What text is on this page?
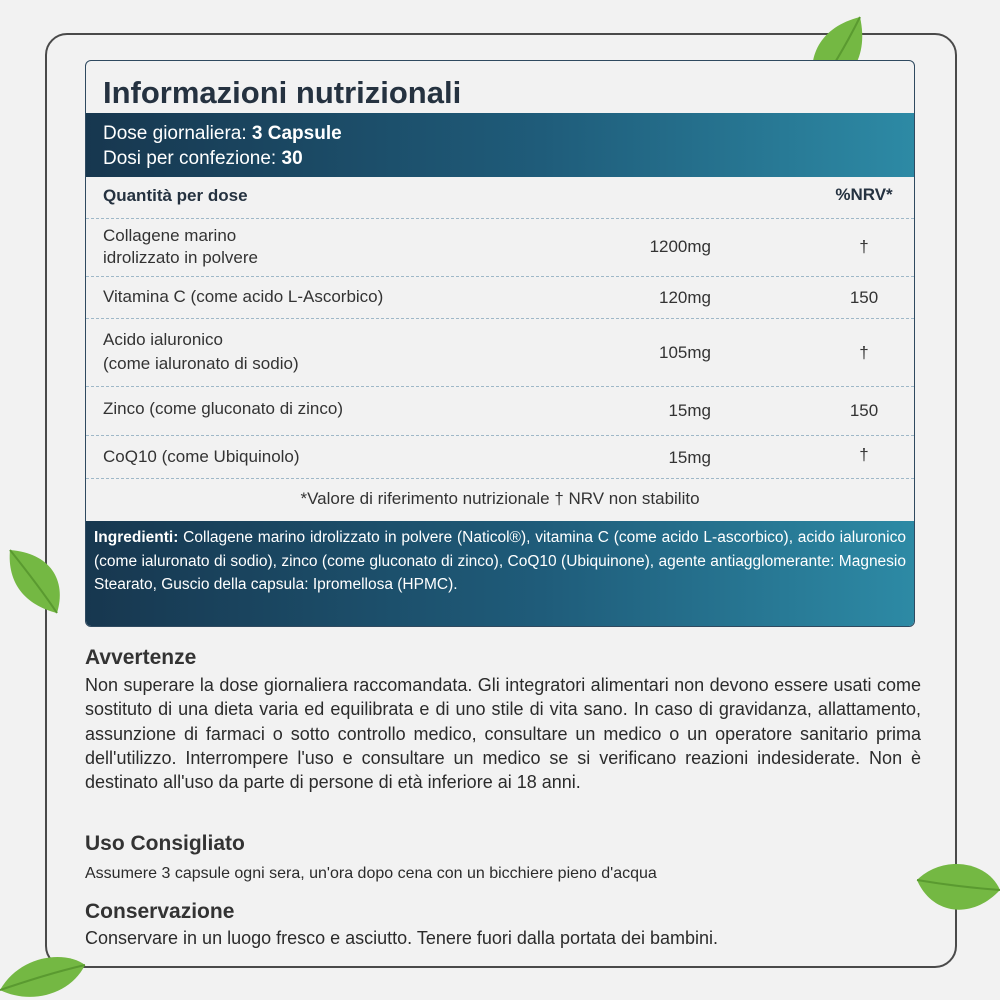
Informazioni nutrizionali
Dose giornaliera: 3 Capsule
Dosi per confezione: 30
Quantità per dose	%NRV*
Collagene marino
idrolizzato in polvere
1200mg	†
Vitamina C (come acido L-Ascorbico)	120mg	150
Acido ialuronico
(come ialuronato di sodio)
105mg	†
Zinco (come gluconato di zinco)	15mg	150
CoQ10 (come Ubiquinolo)	15mg	†
*Valore di riferimento nutrizionale † NRV non stabilito
Ingredienti: Collagene marino idrolizzato in polvere (Naticol®), vitamina C (come acido L-ascorbico), acido ialuronico (come ialuronato di sodio), zinco (come gluconato di zinco), CoQ10 (Ubiquinone), agente antiagglomerante: Magnesio Stearato, Guscio della capsula: Ipromellosa (HPMC).
Avvertenze
Non superare la dose giornaliera raccomandata. Gli integratori alimentari non devono essere usati come sostituto di una dieta varia ed equilibrata e di uno stile di vita sano. In caso di gravidanza, allattamento, assunzione di farmaci o sotto controllo medico, consultare un medico o un operatore sanitario prima dell'utilizzo. Interrompere l'uso e consultare un medico se si verificano reazioni indesiderate. Non è destinato all'uso da parte di persone di età inferiore ai 18 anni.
Uso Consigliato
Assumere 3 capsule ogni sera, un'ora dopo cena con un bicchiere pieno d'acqua
Conservazione
Conservare in un luogo fresco e asciutto. Tenere fuori dalla portata dei bambini.
